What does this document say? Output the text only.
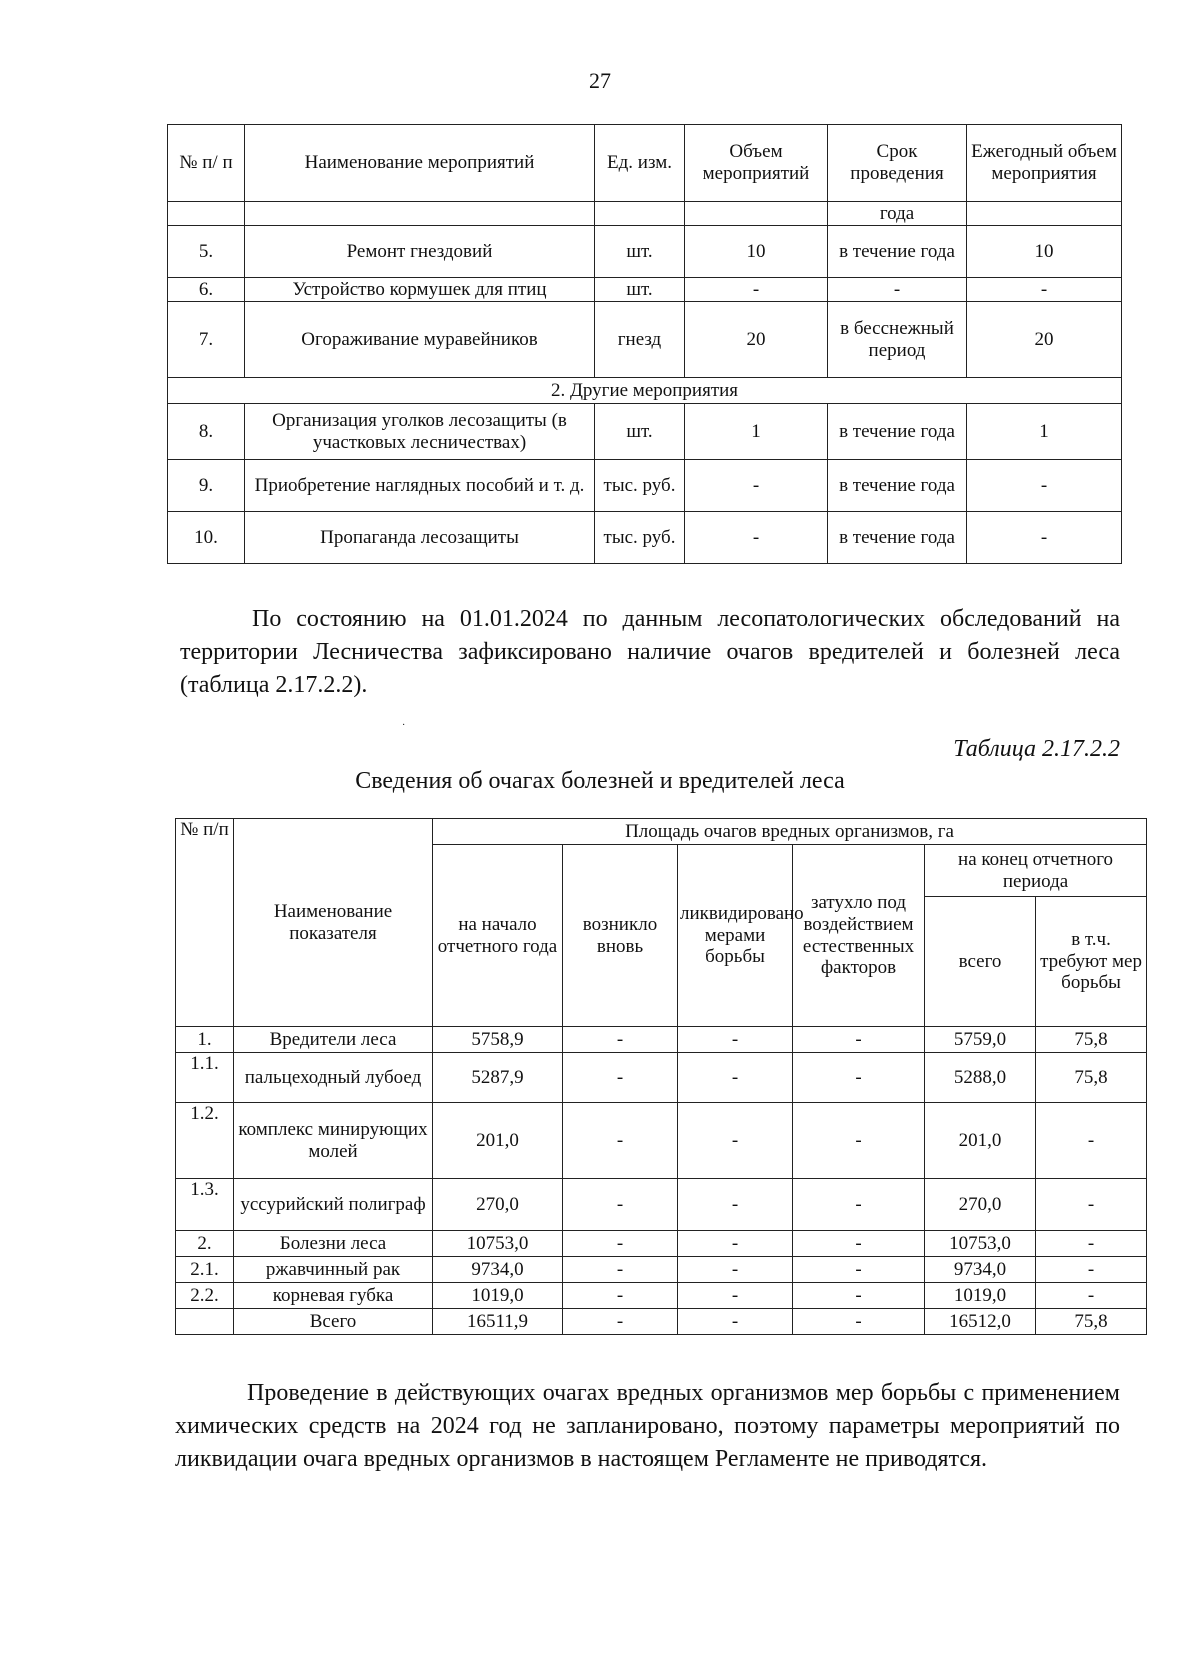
27
№ п/ п	Наименование мероприятий	Ед. изм.	Объем мероприятий	Срок проведения	Ежегодный объем мероприятия
				года	
5.	Ремонт гнездовий	шт.	10	в течение года	10
6.	Устройство кормушек для птиц	шт.	-	-	-
7.	Огораживание муравейников	гнезд	20	в бесснежный период	20
2. Другие мероприятия					
8.	Организация уголков лесозащиты (в участковых лесничествах)	шт.	1	в течение года	1
9.	Приобретение наглядных пособий и т. д.	тыс. руб.	-	в течение года	-
10.	Пропаганда лесозащиты	тыс. руб.	-	в течение года	-

По состоянию на 01.01.2024 по данным лесопатологических обследований на территории Лесничества зафиксировано наличие очагов вредителей и болезней леса (таблица 2.17.2.2).

·

Таблица 2.17.2.2

Сведения об очагах болезней и вредителей леса

№ п/п	Наименование показателя	Площадь очагов вредных организмов, га					
		на начало отчетного года	возникло вновь	ликвидировано мерами борьбы	затухло под воздействием естественных факторов	на конец отчетного периода	
						всего	в т.ч. требуют мер борьбы
1.	Вредители леса	5758,9	-	-	-	5759,0	75,8
1.1.	пальцеходный лубоед	5287,9	-	-	-	5288,0	75,8
1.2.	комплекс минирующих молей	201,0	-	-	-	201,0	-
1.3.	уссурийский полиграф	270,0	-	-	-	270,0	-
2.	Болезни леса	10753,0	-	-	-	10753,0	-
2.1.	ржавчинный рак	9734,0	-	-	-	9734,0	-
2.2.	корневая губка	1019,0	-	-	-	1019,0	-
	Всего	16511,9	-	-	-	16512,0	75,8

Проведение в действующих очагах вредных организмов мер борьбы с применением химических средств на 2024 год не запланировано, поэтому параметры мероприятий по ликвидации очага вредных организмов в настоящем Регламенте не приводятся.
